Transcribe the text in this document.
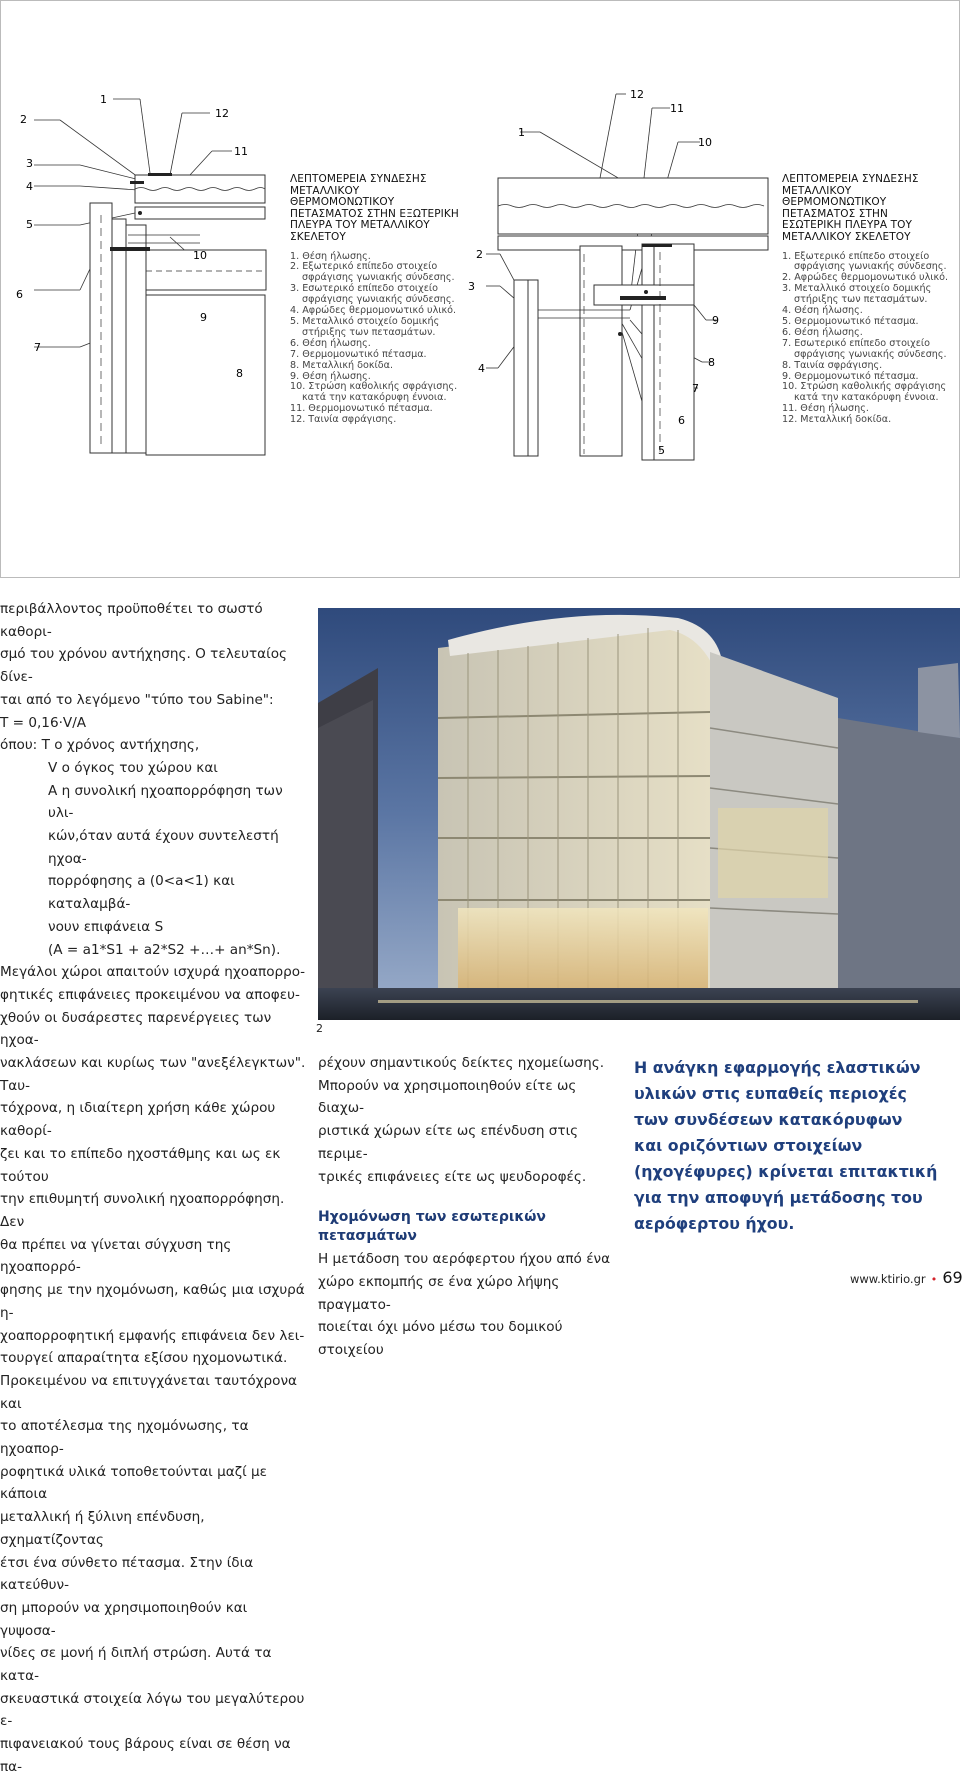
1
2	12
3
11
4
5
10
6
9
7
8
ΛΕΠΤΟΜΕΡΕΙΑ ΣΥΝΔΕΣΗΣ
ΜΕΤΑΛΛΙΚΟΥ
ΘΕΡΜΟΜΟΝΩΤΙΚΟΥ
ΠΕΤΑΣΜΑΤΟΣ ΣΤΗΝ ΕΞΩΤΕΡΙΚΗ
ΠΛΕΥΡΑ ΤΟΥ ΜΕΤΑΛΛΙΚΟΥ
ΣΚΕΛΕΤΟΥ
1. Θέση ήλωσης.
2. Εξωτερικό επίπεδο στοιχείο σφράγισης γωνιακής σύνδεσης.
3. Εσωτερικό επίπεδο στοιχείο σφράγισης γωνιακής σύνδεσης.
4. Αφρώδες θερμομονωτικό υλικό.
5. Μεταλλικό στοιχείο δομικής στήριξης των πετασμάτων.
6. Θέση ήλωσης.
7. Θερμομονωτικό πέτασμα.
8. Μεταλλική δοκίδα.
9. Θέση ήλωσης.
10. Στρώση καθολικής σφράγισης. κατά την κατακόρυφη έννοια.
11. Θερμομονωτικό πέτασμα.
12. Ταινία σφράγισης.
12
11
1
10
2
3
9
4	8
7
6
5
ΛΕΠΤΟΜΕΡΕΙΑ ΣΥΝΔΕΣΗΣ
ΜΕΤΑΛΛΙΚΟΥ
ΘΕΡΜΟΜΟΝΩΤΙΚΟΥ
ΠΕΤΑΣΜΑΤΟΣ ΣΤΗΝ
ΕΣΩΤΕΡΙΚΗ ΠΛΕΥΡΑ ΤΟΥ
ΜΕΤΑΛΛΙΚΟΥ ΣΚΕΛΕΤΟΥ
1. Εξωτερικό επίπεδο στοιχείο σφράγισης γωνιακής σύνδεσης.
2. Αφρώδες θερμομονωτικό υλικό.
3. Μεταλλικό στοιχείο δομικής στήριξης των πετασμάτων.
4. Θέση ήλωσης.
5. Θερμομονωτικό πέτασμα.
6. Θέση ήλωσης.
7. Εσωτερικό επίπεδο στοιχείο σφράγισης γωνιακής σύνδεσης.
8. Ταινία σφράγισης.
9. Θερμομονωτικό πέτασμα.
10. Στρώση καθολικής σφράγισης κατά την κατακόρυφη έννοια.
11. Θέση ήλωσης.
12. Μεταλλική δοκίδα.

περιβάλλοντος προϋποθέτει το σωστό καθορι-

σμό του χρόνου αντήχησης. Ο τελευταίος δίνε-

ται από το λεγόμενο "τύπο του Sabine":

T = 0,16·V/A

όπου: T ο χρόνος αντήχησης,

V ο όγκος του χώρου και

A η συνολική ηχοαπορρόφηση των υλι-

κών,όταν αυτά έχουν συντελεστή ηχοα-

πορρόφησης a (0<a<1) και καταλαμβά-

νουν επιφάνεια S

(A = a1*S1 + a2*S2 +…+ an*Sn).

Μεγάλοι χώροι απαιτούν ισχυρά ηχοαπορρο-

φητικές επιφάνειες προκειμένου να αποφευ-

χθούν οι δυσάρεστες παρενέργειες των ηχοα-

νακλάσεων και κυρίως των "ανεξέλεγκτων". Ταυ-

τόχρονα, η ιδιαίτερη χρήση κάθε χώρου καθορί-

ζει και το επίπεδο ηχοστάθμης και ως εκ τούτου

την επιθυμητή συνολική ηχοαπορρόφηση. Δεν

θα πρέπει να γίνεται σύγχυση της ηχοαπορρό-

φησης με την ηχομόνωση, καθώς μια ισχυρά η-

χοαπορροφητική εμφανής επιφάνεια δεν λει-

τουργεί απαραίτητα εξίσου ηχομονωτικά.

Προκειμένου να επιτυγχάνεται ταυτόχρονα και

το αποτέλεσμα της ηχομόνωσης, τα ηχοαπορ-

ροφητικά υλικά τοποθετούνται μαζί με κάποια

μεταλλική ή ξύλινη επένδυση, σχηματίζοντας

έτσι ένα σύνθετο πέτασμα. Στην ίδια κατεύθυν-

ση μπορούν να χρησιμοποιηθούν και γυψοσα-

νίδες σε μονή ή διπλή στρώση. Αυτά τα κατα-

σκευαστικά στοιχεία λόγω του μεγαλύτερου ε-

πιφανειακού τους βάρους είναι σε θέση να πα-

2

ρέχουν σημαντικούς δείκτες ηχομείωσης.

Μπορούν να χρησιμοποιηθούν είτε ως διαχω-

ριστικά χώρων είτε ως επένδυση στις περιμε-

τρικές επιφάνειες είτε ως ψευδοροφές.

Ηχομόνωση των εσωτερικών
πετασμάτων

Η μετάδοση του αερόφερτου ήχου από ένα

χώρο εκπομπής σε ένα χώρο λήψης πραγματο-

ποιείται όχι μόνο μέσω του δομικού στοιχείου

Η ανάγκη εφαρμογής ελαστικών
υλικών στις ευπαθείς περιοχές
των συνδέσεων κατακόρυφων
και οριζόντιων στοιχείων
(ηχογέφυρες) κρίνεται επιτακτική
για την αποφυγή μετάδοσης του
αερόφερτου ήχου.
www.ktirio.gr • 69
